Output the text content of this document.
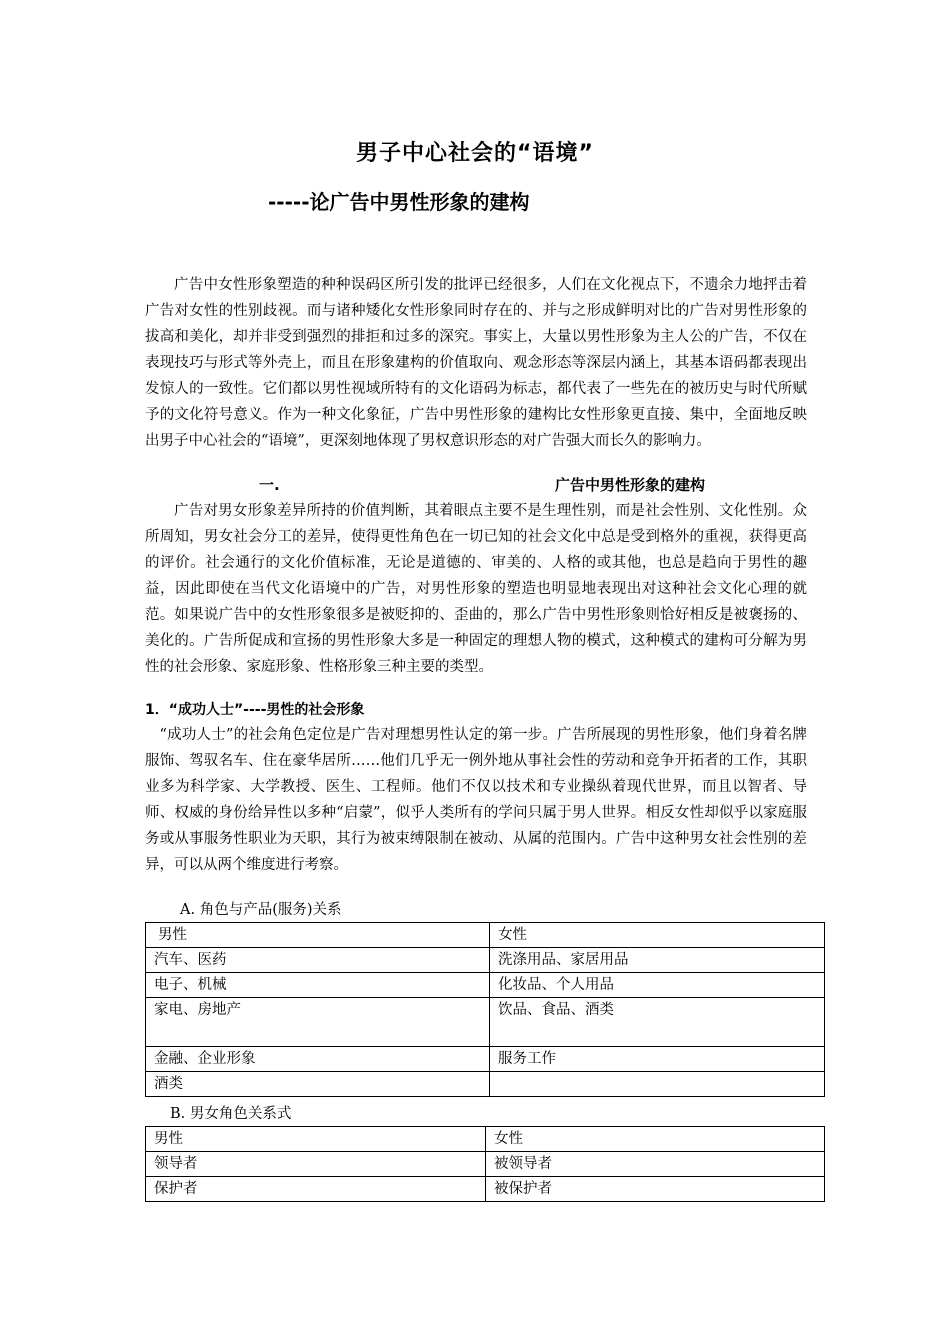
男子中心社会的“语境”
-----论广告中男性形象的建构
广告中女性形象塑造的种种误码区所引发的批评已经很多，人们在文化视点下，不遗余力地抨击着广告对女性的性别歧视。而与诸种矮化女性形象同时存在的、并与之形成鲜明对比的广告对男性形象的拔高和美化，却并非受到强烈的排拒和过多的深究。事实上，大量以男性形象为主人公的广告，不仅在表现技巧与形式等外壳上，而且在形象建构的价值取向、观念形态等深层内涵上，其基本语码都表现出发惊人的一致性。它们都以男性视域所特有的文化语码为标志，都代表了一些先在的被历史与时代所赋予的文化符号意义。作为一种文化象征，广告中男性形象的建构比女性形象更直接、集中，全面地反映出男子中心社会的“语境”，更深刻地体现了男权意识形态的对广告强大而长久的影响力。
一.	广告中男性形象的建构
广告对男女形象差异所持的价值判断，其着眼点主要不是生理性别，而是社会性别、文化性别。众所周知，男女社会分工的差异，使得更性角色在一切已知的社会文化中总是受到格外的重视，获得更高的评价。社会通行的文化价值标准，无论是道德的、审美的、人格的或其他，也总是趋向于男性的趣益，因此即使在当代文化语境中的广告，对男性形象的塑造也明显地表现出对这种社会文化心理的就范。如果说广告中的女性形象很多是被贬抑的、歪曲的，那么广告中男性形象则恰好相反是被褒扬的、美化的。广告所促成和宣扬的男性形象大多是一种固定的理想人物的模式，这种模式的建构可分解为男性的社会形象、家庭形象、性格形象三种主要的类型。
1．“成功人士”----男性的社会形象
“成功人士”的社会角色定位是广告对理想男性认定的第一步。广告所展现的男性形象，他们身着名牌服饰、驾驭名车、住在豪华居所……他们几乎无一例外地从事社会性的劳动和竞争开拓者的工作，其职业多为科学家、大学教授、医生、工程师。他们不仅以技术和专业操纵着现代世界，而且以智者、导师、权威的身份给异性以多种“启蒙”，似乎人类所有的学问只属于男人世界。相反女性却似乎以家庭服务或从事服务性职业为天职，其行为被束缚限制在被动、从属的范围内。广告中这种男女社会性别的差异，可以从两个维度进行考察。
A. 角色与产品(服务)关系
男性	女性
汽车、医药	洗涤用品、家居用品
电子、机械	化妆品、个人用品
家电、房地产	饮品、食品、酒类
金融、企业形象	服务工作
酒类	
B. 男女角色关系式
男性	女性
领导者	被领导者
保护者	被保护者
